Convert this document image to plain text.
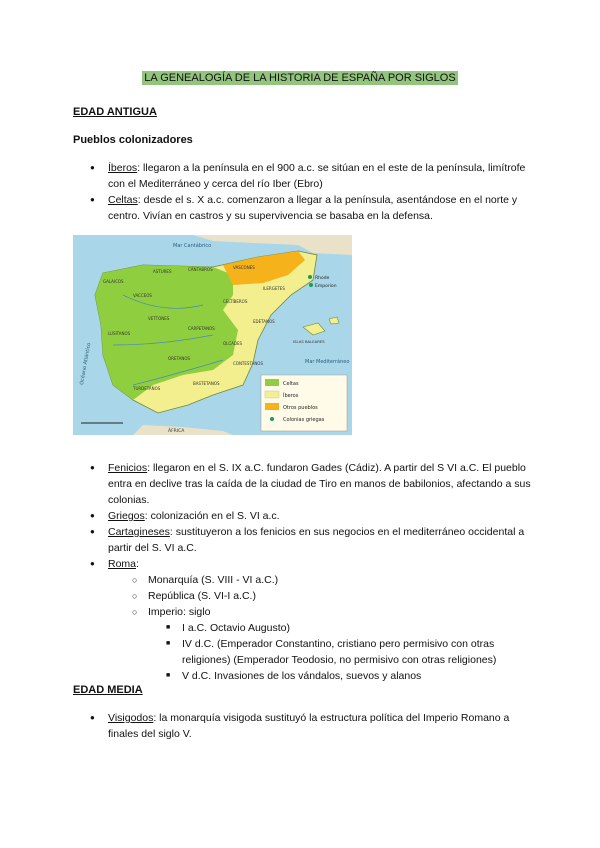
LA GENEALOGÍA DE LA HISTORIA DE ESPAÑA POR SIGLOS
EDAD ANTIGUA
Pueblos colonizadores
● Íberos: llegaron a la península en el 900 a.c. se sitúan en el este de la península, limítrofe con el Mediterráneo y cerca del río Iber (Ebro)
● Celtas: desde el s. X a.c. comenzaron a llegar a la península, asentándose en el norte y centro. Vivían en castros y su supervivencia se basaba en la defensa.
Mar Cantábrico
Océano Atlántico	Mar Mediterráneo
Rhode
Emporion
ASTURES	CÁNTABROS	VASCONES
LUSITANOS
VETTONES
CARPETANOS
TURDETANOS
BASTETANOS
EDETANOS
ILERGETES
CELTÍBEROS
OLCADES
ORETANOS
CONTESTANOS
GALAICOS
VACCEOS
ÁFRICA
ISLAS BALEARES
Celtas
Íberos
Otros pueblos
Colonias griegas
● Fenicios: llegaron en el S. IX a.C. fundaron Gades (Cádiz). A partir del S VI a.C. El pueblo entra en declive tras la caída de la ciudad de Tiro en manos de babilonios, afectando a sus colonias.
● Griegos: colonización en el S. VI a.c.
● Cartagineses: sustituyeron a los fenicios en sus negocios en el mediterráneo occidental a partir del S. VI a.C.
● Roma:
○ Monarquía (S. VIII - VI a.C.)
○ República (S. VI-I a.C.)
○ Imperio: siglo
■ I a.C. Octavio Augusto)
■ IV d.C. (Emperador Constantino, cristiano pero permisivo con otras religiones) (Emperador Teodosio, no permisivo con otras religiones)
■ V d.C. Invasiones de los vándalos, suevos y alanos
EDAD MEDIA
● Visigodos: la monarquía visigoda sustituyó la estructura política del Imperio Romano a finales del siglo V.
